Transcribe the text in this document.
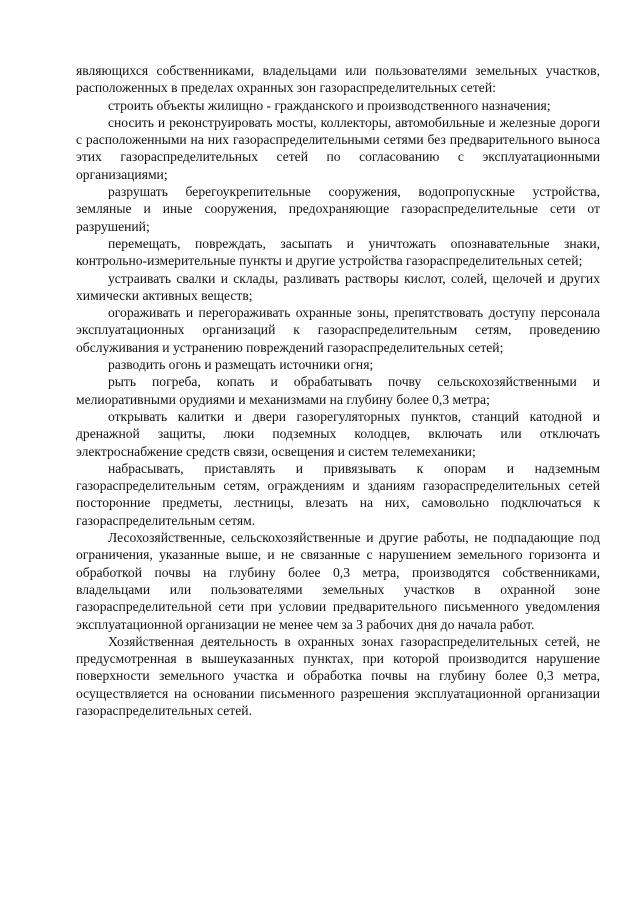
являющихся собственниками, владельцами или пользователями земельных участков, расположенных в пределах охранных зон газораспределительных сетей:

строить объекты жилищно - гражданского и производственного назначения;

сносить и реконструировать мосты, коллекторы, автомобильные и железные дороги с расположенными на них газораспределительными сетями без предварительного выноса этих газораспределительных сетей по согласованию с эксплуатационными организациями;

разрушать берегоукрепительные сооружения, водопропускные устройства, земляные и иные сооружения, предохраняющие газораспределительные сети от разрушений;

перемещать, повреждать, засыпать и уничтожать опознавательные знаки, контрольно-измерительные пункты и другие устройства газораспределительных сетей;

устраивать свалки и склады, разливать растворы кислот, солей, щелочей и других химически активных веществ;

огораживать и перегораживать охранные зоны, препятствовать доступу персонала эксплуатационных организаций к газораспределительным сетям, проведению обслуживания и устранению повреждений газораспределительных сетей;

разводить огонь и размещать источники огня;

рыть погреба, копать и обрабатывать почву сельскохозяйственными и мелиоративными орудиями и механизмами на глубину более 0,3 метра;

открывать калитки и двери газорегуляторных пунктов, станций катодной и дренажной защиты, люки подземных колодцев, включать или отключать электроснабжение средств связи, освещения и систем телемеханики;

набрасывать, приставлять и привязывать к опорам и надземным газораспределительным сетям, ограждениям и зданиям газораспределительных сетей посторонние предметы, лестницы, влезать на них, самовольно подключаться к газораспределительным сетям.

Лесохозяйственные, сельскохозяйственные и другие работы, не подпадающие под ограничения, указанные выше, и не связанные с нарушением земельного горизонта и обработкой почвы на глубину более 0,3 метра, производятся собственниками, владельцами или пользователями земельных участков в охранной зоне газораспределительной сети при условии предварительного письменного уведомления эксплуатационной организации не менее чем за 3 рабочих дня до начала работ.

Хозяйственная деятельность в охранных зонах газораспределительных сетей, не предусмотренная в вышеуказанных пунктах, при которой производится нарушение поверхности земельного участка и обработка почвы на глубину более 0,3 метра, осуществляется на основании письменного разрешения эксплуатационной организации газораспределительных сетей.
